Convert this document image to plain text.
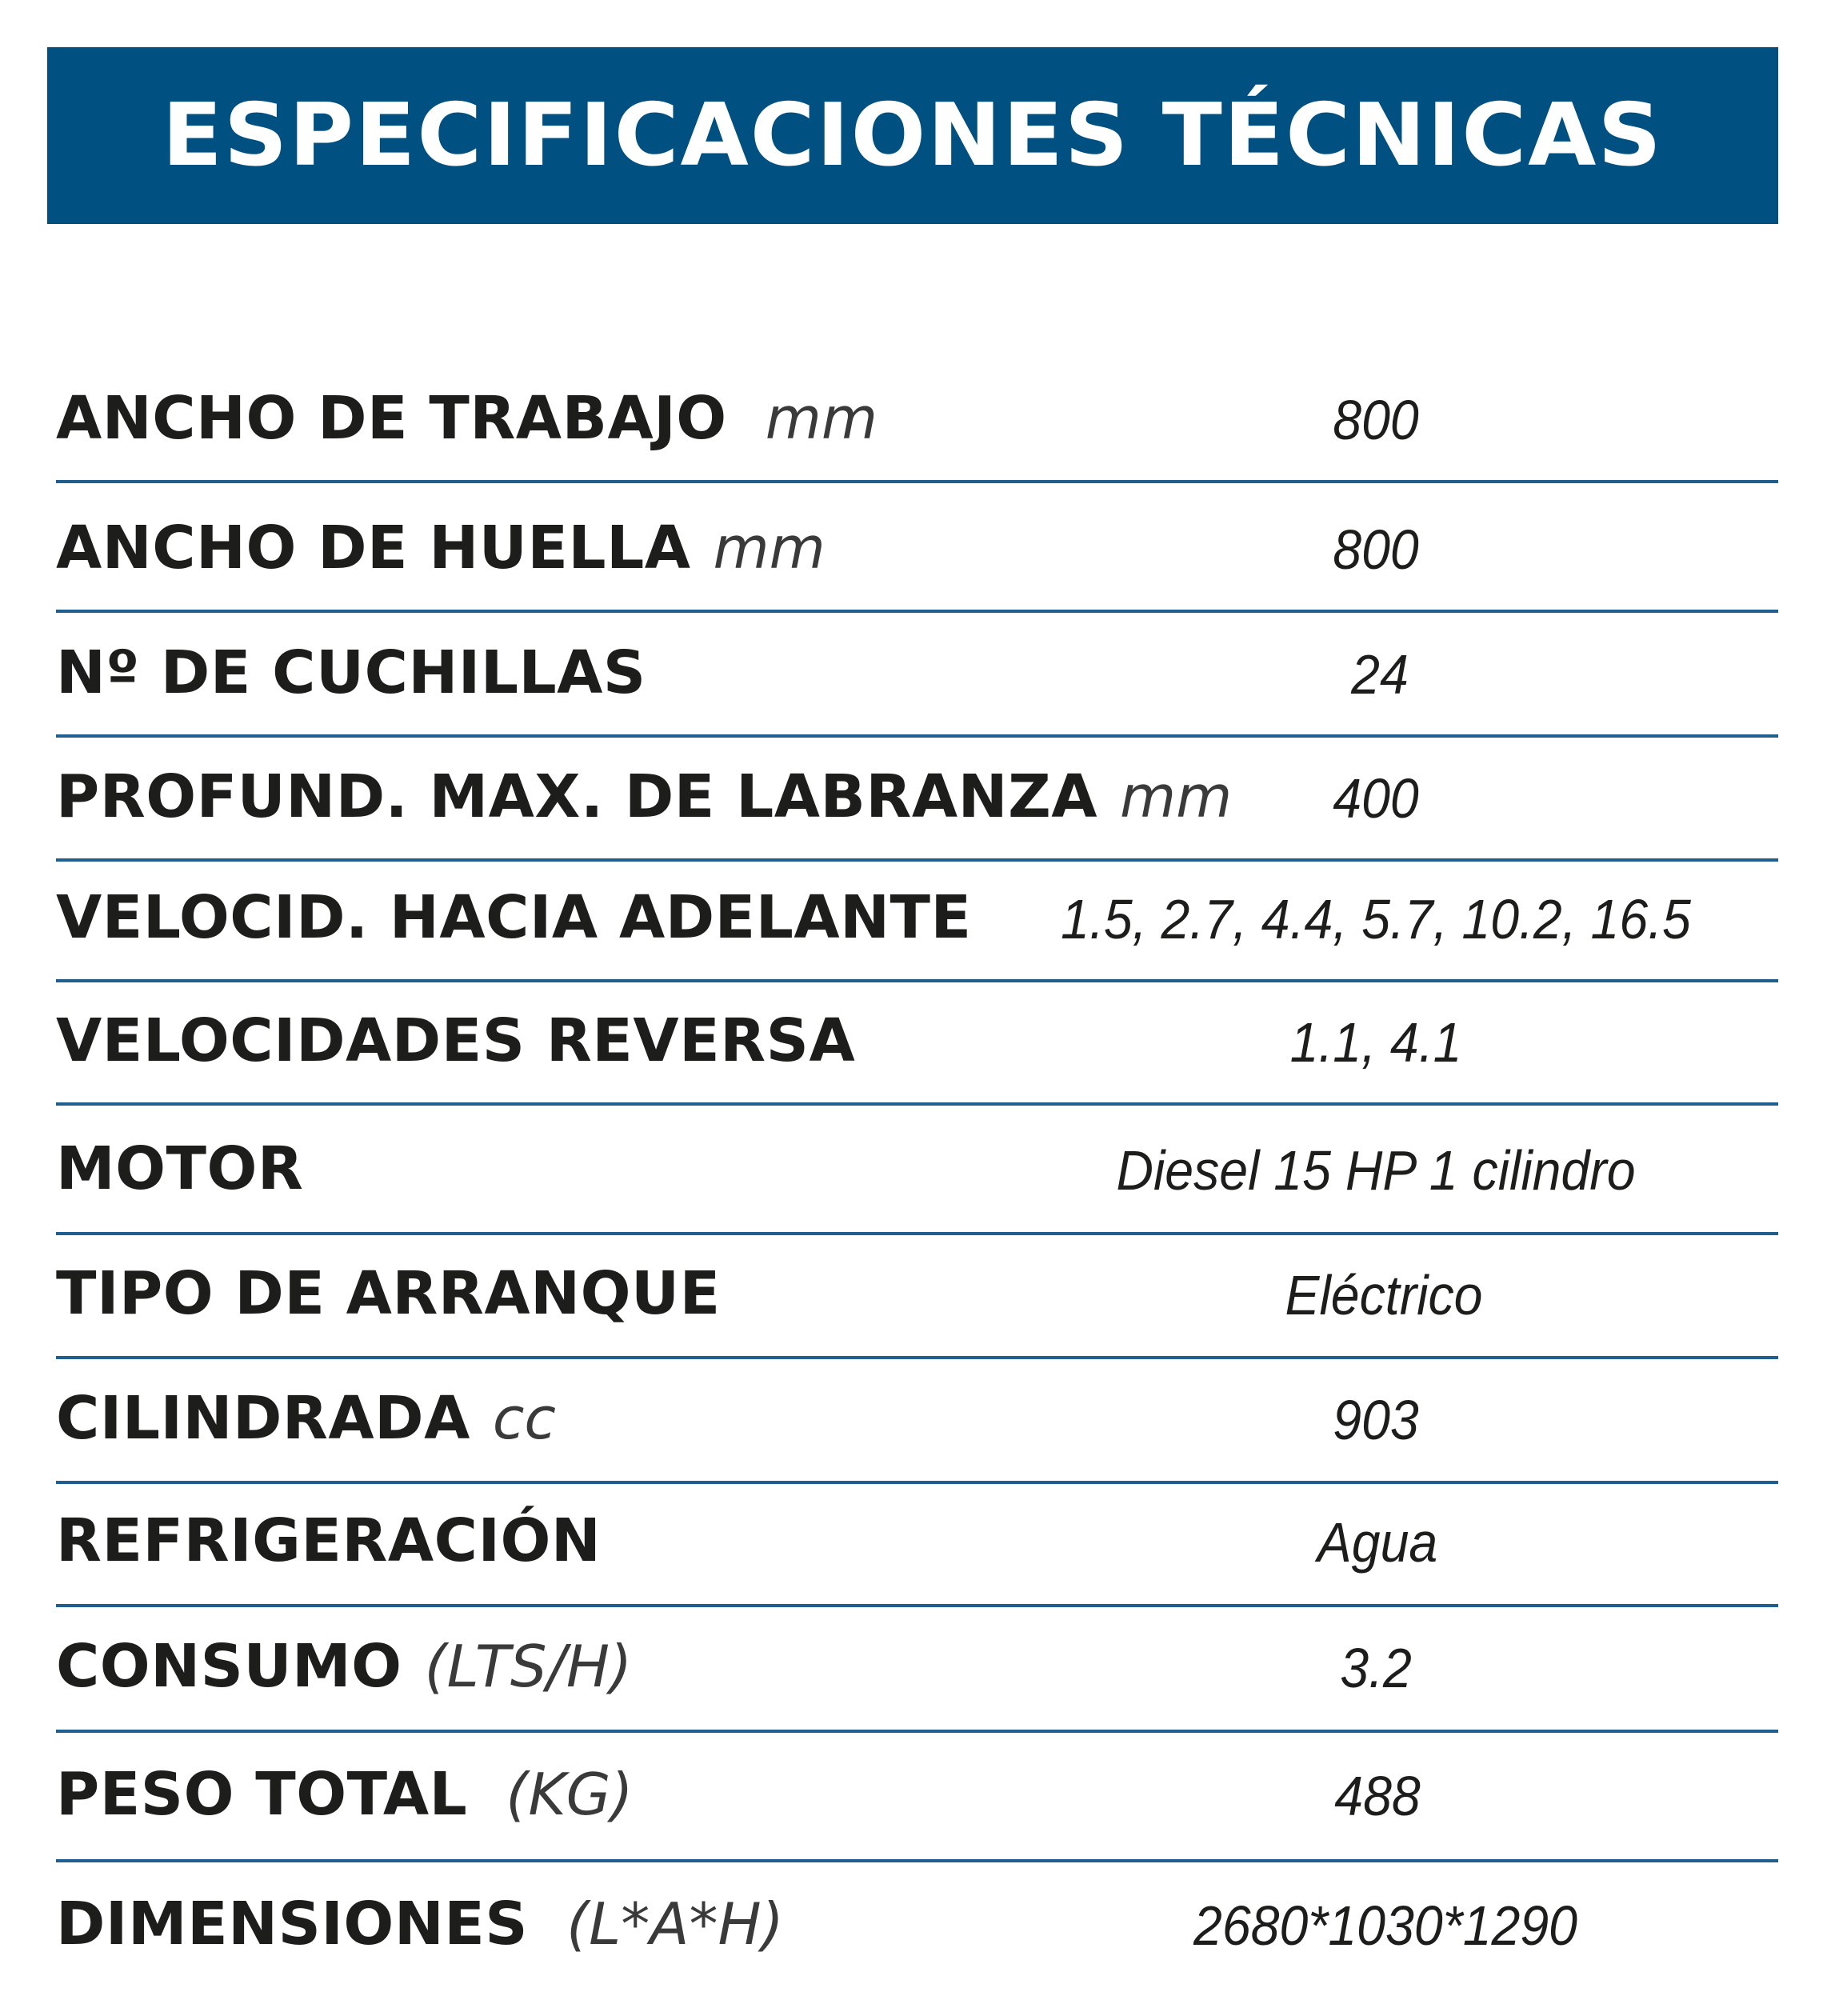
ESPECIFICACIONES TÉCNICAS
ANCHO DE TRABAJO mm	800
ANCHO DE HUELLA mm	800
Nº DE CUCHILLAS	24
PROFUND. MAX. DE LABRANZA mm 400
VELOCID. HACIA ADELANTE 1.5, 2.7, 4.4, 5.7, 10.2, 16.5
VELOCIDADES REVERSA	1.1, 4.1
MOTOR	Diesel 15 HP 1 cilindro
TIPO DE ARRANQUE	Eléctrico
CILINDRADA cc	903
REFRIGERACIÓN	Agua
CONSUMO (LTS/H)	3.2
PESO TOTAL (KG)	488
DIMENSIONES (L*A*H)	2680*1030*1290
